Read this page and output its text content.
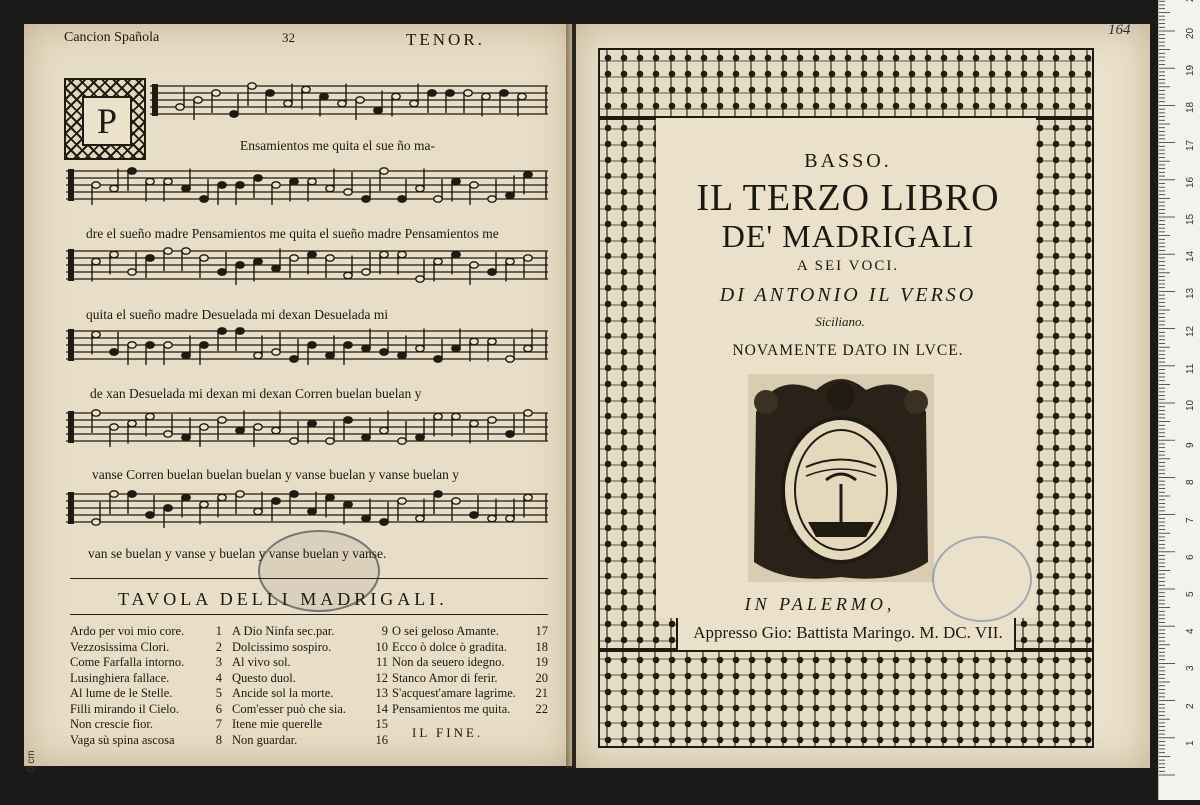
Cancion Spañola	32	TENOR.
P
Ensamientos me quita el sue ño ma-
dre el sueño madre Pensamientos me quita el sueño madre Pensamientos me
quita el sueño madre Desuelada mi dexan Desuelada mi
de xan Desuelada mi dexan mi dexan Corren buelan buelan y
vanse Corren buelan buelan buelan y vanse buelan y vanse buelan y
van se buelan y vanse y buelan y vanse buelan y vanse.
TAVOLA DELLI MADRIGALI.
Ardo per voi mio core.	1
Vezzosissima Clori.	2
Come Farfalla intorno.	3
Lusinghiera fallace.	4
Al lume de le Stelle.	5
Filli mirando il Cielo.	6
Non crescie fior.	7
Vaga sù spina ascosa	8
A Dio Ninfa sec.par.	9
Dolcissimo sospiro.	10
Al vivo sol.	11
Questo duol.	12
Ancide sol la morte.	13
Com'esser può che sia.	14
Itene mie querelle	15
Non guardar.	16
O sei geloso Amante.	17
Ecco ò dolce ò gradita.	18
Non da seuero idegno.	19
Stanco Amor di ferir.	20
S'acquest'amare lagrime.	21
Pensamientos me quita.	22
IL FINE.
164
BASSO.
IL TERZO LIBRO
DE' MADRIGALI
A SEI VOCI.
DI ANTONIO IL VERSO
Siciliano.
NOVAMENTE DATO IN LVCE.
IN PALERMO,
Appresso Gio: Battista Maringo. M. DC. VII.
20
19
18
17
16
15
14
13
12
11
10
9
8
7
6
5
4
3
2
1
0 cm
